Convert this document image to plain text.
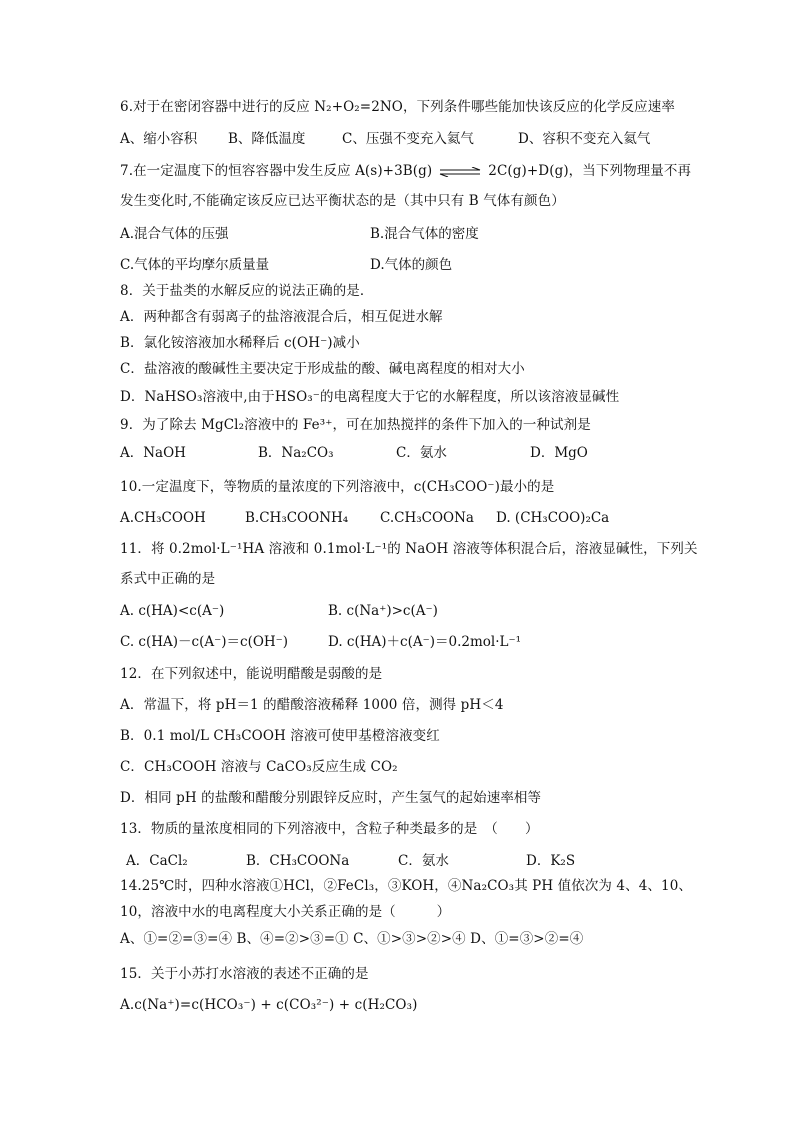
6.对于在密闭容器中进行的反应 N₂+O₂=2NO，下列条件哪些能加快该反应的化学反应速率
A、缩小容积 B、降低温度	C、压强不变充入氦气	D、容积不变充入氦气
7.在一定温度下的恒容容器中发生反应 A(s)+3B(g) ⇌ 2C(g)+D(g)，当下列物理量不再
发生变化时,不能确定该反应已达平衡状态的是（其中只有 B 气体有颜色）
A.混合气体的压强	B.混合气体的密度
C.气体的平均摩尔质量量	D.气体的颜色
8．关于盐类的水解反应的说法正确的是．
A．两种都含有弱离子的盐溶液混合后，相互促进水解
B．氯化铵溶液加水稀释后 c(OH⁻)减小
C．盐溶液的酸碱性主要决定于形成盐的酸、碱电离程度的相对大小
D．NaHSO₃溶液中,由于HSO₃⁻的电离程度大于它的水解程度，所以该溶液显碱性
9．为了除去 MgCl₂溶液中的 Fe³⁺，可在加热搅拌的条件下加入的一种试剂是
A．NaOH	B．Na₂CO₃	C．氨水	D．MgO
10.一定温度下，等物质的量浓度的下列溶液中，c(CH₃COO⁻)最小的是
A.CH₃COOH	B.CH₃COONH₄ C.CH₃COONa D. (CH₃COO)₂Ca
11．将 0.2mol·L⁻¹HA 溶液和 0.1mol·L⁻¹的 NaOH 溶液等体积混合后，溶液显碱性，下列关
系式中正确的是
A. c(HA)<c(A⁻)	B. c(Na⁺)>c(A⁻)
C. c(HA)－c(A⁻)＝c(OH⁻)	D. c(HA)＋c(A⁻)＝0.2mol·L⁻¹
12．在下列叙述中，能说明醋酸是弱酸的是
A．常温下，将 pH＝1 的醋酸溶液稀释 1000 倍，测得 pH＜4
B．0.1 mol/L CH₃COOH 溶液可使甲基橙溶液变红
C．CH₃COOH 溶液与 CaCO₃反应生成 CO₂
D．相同 pH 的盐酸和醋酸分别跟锌反应时，产生氢气的起始速率相等
13．物质的量浓度相同的下列溶液中，含粒子种类最多的是　（　　）
A．CaCl₂	B．CH₃COONa	C．氨水	D．K₂S
14.25℃时，四种水溶液①HCl，②FeCl₃，③KOH，④Na₂CO₃其 PH 值依次为 4、4、10、
10，溶液中水的电离程度大小关系正确的是（　　　）
A、①=②=③=④ B、④=②>③=① C、①>③>②>④ D、①=③>②=④
15．关于小苏打水溶液的表述不正确的是
A.c(Na⁺)=c(HCO₃⁻) + c(CO₃²⁻) + c(H₂CO₃)
